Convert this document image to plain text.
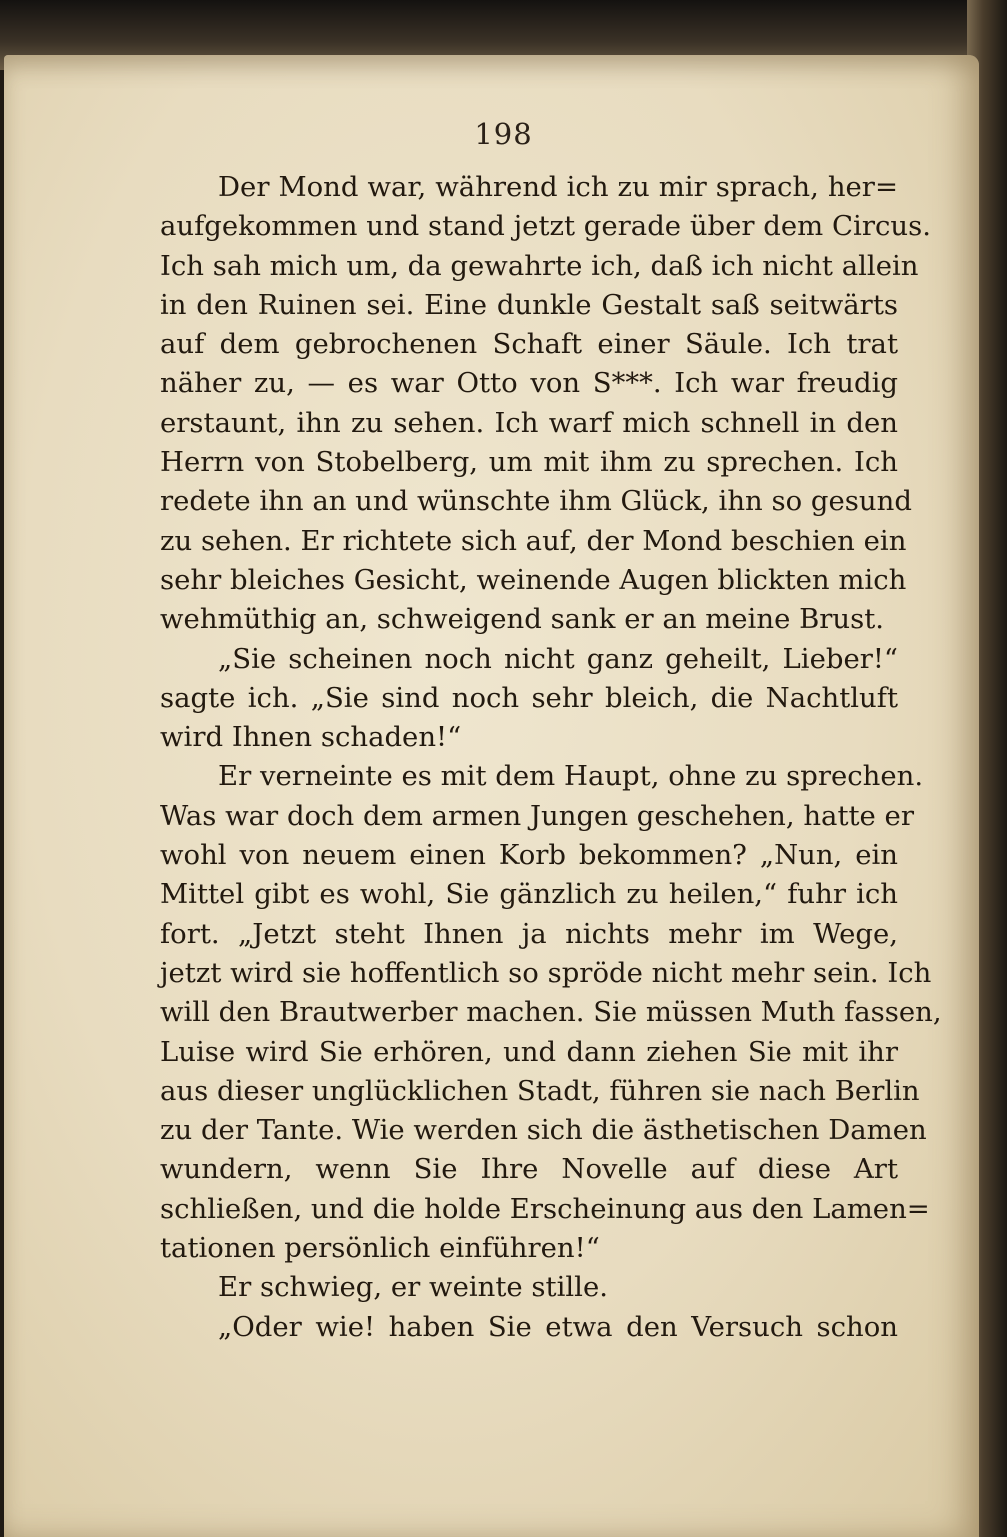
198
Der Mond war, während ich zu mir sprach, her=
aufgekommen und stand jetzt gerade über dem Circus.
Ich sah mich um, da gewahrte ich, daß ich nicht allein
in den Ruinen sei. Eine dunkle Gestalt saß seitwärts
auf dem gebrochenen Schaft einer Säule. Ich trat
näher zu, — es war Otto von S***. Ich war freudig
erstaunt, ihn zu sehen. Ich warf mich schnell in den
Herrn von Stobelberg, um mit ihm zu sprechen. Ich
redete ihn an und wünschte ihm Glück, ihn so gesund
zu sehen. Er richtete sich auf, der Mond beschien ein
sehr bleiches Gesicht, weinende Augen blickten mich
wehmüthig an, schweigend sank er an meine Brust.
„Sie scheinen noch nicht ganz geheilt, Lieber!“
sagte ich. „Sie sind noch sehr bleich, die Nachtluft
wird Ihnen schaden!“
Er verneinte es mit dem Haupt, ohne zu sprechen.
Was war doch dem armen Jungen geschehen, hatte er
wohl von neuem einen Korb bekommen? „Nun, ein
Mittel gibt es wohl, Sie gänzlich zu heilen,“ fuhr ich
fort. „Jetzt steht Ihnen ja nichts mehr im Wege,
jetzt wird sie hoffentlich so spröde nicht mehr sein. Ich
will den Brautwerber machen. Sie müssen Muth fassen,
Luise wird Sie erhören, und dann ziehen Sie mit ihr
aus dieser unglücklichen Stadt, führen sie nach Berlin
zu der Tante. Wie werden sich die ästhetischen Damen
wundern, wenn Sie Ihre Novelle auf diese Art
schließen, und die holde Erscheinung aus den Lamen=
tationen persönlich einführen!“
Er schwieg, er weinte stille.
„Oder wie! haben Sie etwa den Versuch schon
